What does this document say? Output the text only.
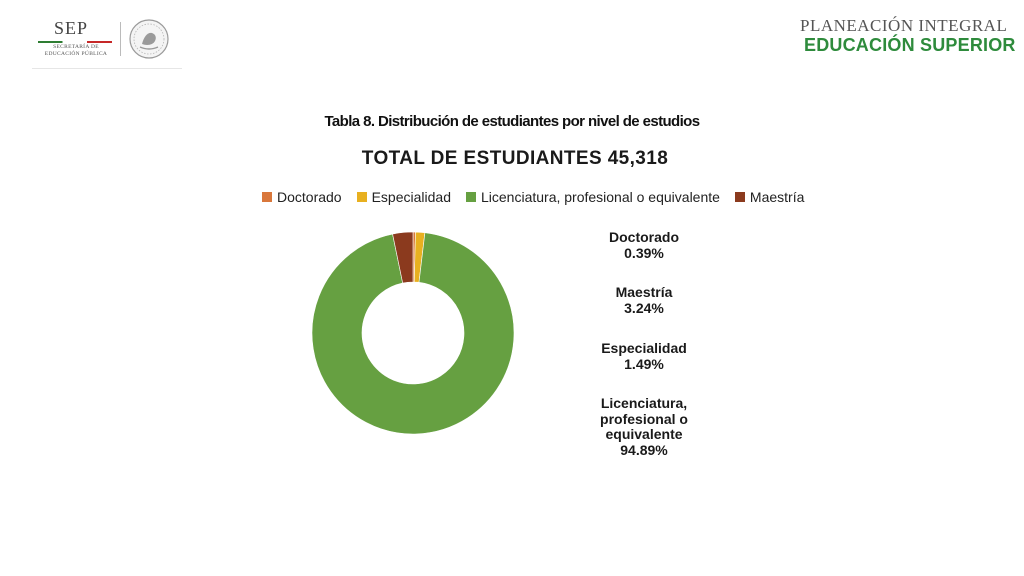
SEP
SECRETARÍA DE
EDUCACIÓN PÚBLICA
PLANEACIÓN INTEGRAL
EDUCACIÓN SUPERIOR
Tabla 8. Distribución de estudiantes por nivel de estudios
TOTAL DE ESTUDIANTES 45,318
Doctorado Especialidad Licenciatura, profesional o equivalente Maestría
Doctorado
0.39%
Maestría
3.24%
Especialidad
1.49%
Licenciatura,
profesional o
equivalente
94.89%
